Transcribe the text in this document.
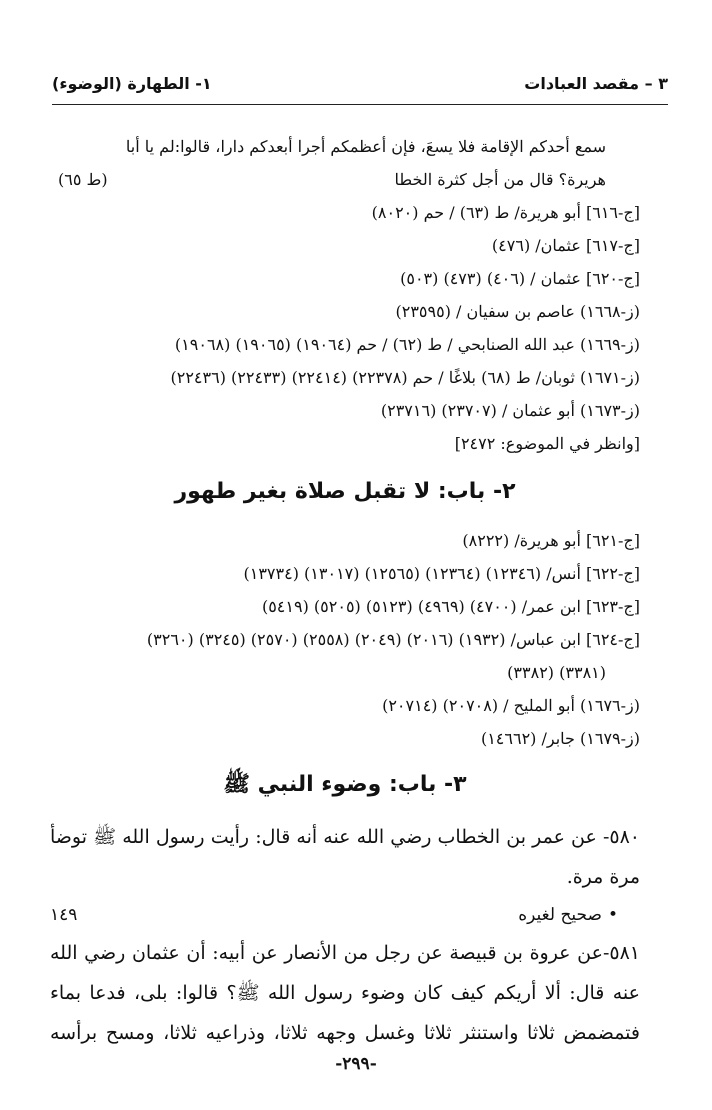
٣ – مقصد العبادات
١- الطهارة (الوضوء)
سمع أحدكم الإقامة فلا يسعَ، فإن أعظمكم أجرا أبعدكم دارا، قالوا:لم يا أبا
هريرة؟ قال من أجل كثرة الخطا
(ط ٦٥)
[ج-٦١٦] أبو هريرة/ ط (٦٣) / حم (٨٠٢٠)
[ج-٦١٧] عثمان/ (٤٧٦)
[ج-٦٢٠] عثمان / (٤٠٦) (٤٧٣) (٥٠٣)
(ز-١٦٦٨) عاصم بن سفيان / (٢٣٥٩٥)
(ز-١٦٦٩) عبد الله الصنابحي / ط (٦٢) / حم (١٩٠٦٤) (١٩٠٦٥) (١٩٠٦٨)
(ز-١٦٧١) ثوبان/ ط (٦٨) بلاغًا / حم (٢٢٣٧٨) (٢٢٤١٤) (٢٢٤٣٣) (٢٢٤٣٦)
(ز-١٦٧٣) أبو عثمان / (٢٣٧٠٧) (٢٣٧١٦)
[وانظر في الموضوع: ٢٤٧٢]
٢- باب: لا تقبل صلاة بغير طهور
[ج-٦٢١] أبو هريرة/ (٨٢٢٢)
[ج-٦٢٢] أنس/ (١٢٣٤٦) (١٢٣٦٤) (١٢٥٦٥) (١٣٠١٧) (١٣٧٣٤)
[ج-٦٢٣] ابن عمر/ (٤٧٠٠) (٤٩٦٩) (٥١٢٣) (٥٢٠٥) (٥٤١٩)
[ج-٦٢٤] ابن عباس/ (١٩٣٢) (٢٠١٦) (٢٠٤٩) (٢٥٥٨) (٢٥٧٠) (٣٢٤٥) (٣٢٦٠)
(٣٣٨١) (٣٣٨٢)
(ز-١٦٧٦) أبو المليح / (٢٠٧٠٨) (٢٠٧١٤)
(ز-١٦٧٩) جابر/ (١٤٦٦٢)
٣- باب: وضوء النبي ﷺ
٥٨٠- عن عمر بن الخطاب رضي الله عنه أنه قال: رأيت رسول الله ﷺ توضأ
مرة مرة.
•صحيح لغيره
١٤٩
٥٨١-عن عروة بن قبيصة عن رجل من الأنصار عن أبيه: أن عثمان رضي الله
عنه قال: ألا أريكم كيف كان وضوء رسول الله ﷺ؟ قالوا: بلى، فدعا بماء
فتمضمض ثلاثا واستنثر ثلاثا وغسل وجهه ثلاثا، وذراعيه ثلاثا، ومسح برأسه
-٢٩٩-
